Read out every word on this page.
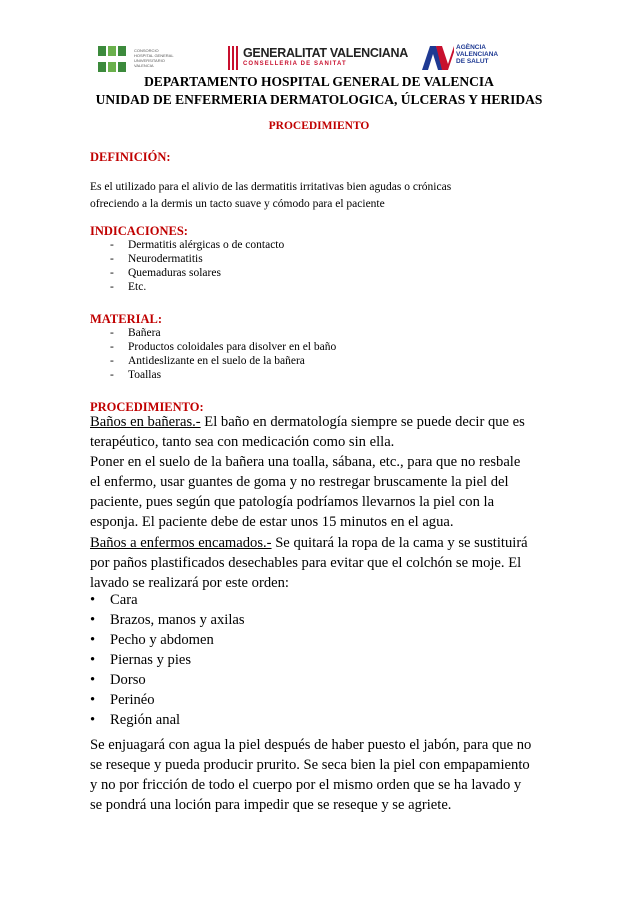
CONSORCIO
HOSPITAL GENERAL
UNIVERSITARIO
VALENCIA
GENERALITAT VALENCIANA
CONSELLERIA DE SANITAT
AGÈNCIA
VALENCIANA
DE SALUT
DEPARTAMENTO HOSPITAL GENERAL DE VALENCIA
UNIDAD DE ENFERMERIA DERMATOLOGICA, ÚLCERAS Y HERIDAS
PROCEDIMIENTO
DEFINICIÓN:
Es el utilizado para el alivio de las dermatitis irritativas bien agudas o crónicas
ofreciendo a la dermis un tacto suave y cómodo para el paciente
INDICACIONES:
- Dermatitis alérgicas o de contacto
- Neurodermatitis
- Quemaduras solares
- Etc.
MATERIAL:
- Bañera
- Productos coloidales para disolver en el baño
- Antideslizante en el suelo de la bañera
- Toallas
PROCEDIMIENTO:
Baños en bañeras.- El baño en dermatología siempre se puede decir que es
terapéutico, tanto sea con medicación como sin ella.
Poner en el suelo de la bañera una toalla, sábana, etc., para que no resbale
el enfermo, usar guantes de goma y no restregar bruscamente la piel del
paciente, pues según que patología podríamos llevarnos la piel con la
esponja. El paciente debe de estar unos 15 minutos en el agua.
Baños a enfermos encamados.- Se quitará la ropa de la cama y se sustituirá
por paños plastificados desechables para evitar que el colchón se moje. El
lavado se realizará por este orden:
• Cara
• Brazos, manos y axilas
• Pecho y abdomen
• Piernas y pies
• Dorso
• Perinéo
• Región anal
Se enjuagará con agua la piel después de haber puesto el jabón, para que no
se reseque y pueda producir prurito. Se seca bien la piel con empapamiento
y no por fricción de todo el cuerpo por el mismo orden que se ha lavado y
se pondrá una loción para impedir que se reseque y se agriete.
